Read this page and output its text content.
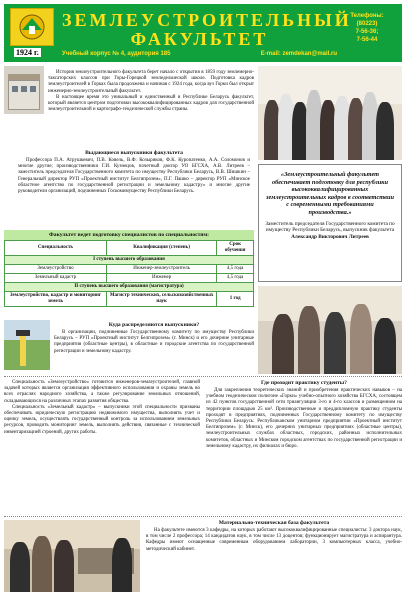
1924 г.
ЗЕМЛЕУСТРОИТЕЛЬНЫЙ
ФАКУЛЬТЕТ
Учебный корпус № 4, аудитория 185	E-mail: zemdekan@mail.ru
Телефоны:
(80223)
7-56-36;
7-56-44

История землеустроительного факультета берет начало с открытия в 1859 году землемерно-таксаторских классов при Горы-Горецкой земледельческой школе. Подготовка кадров землеустроителей в Горках была продолжена и начиная с 1924 года, когда вуз Горки был открыт инженерно-землеустроительный факультет.

В настоящее время это уникальный и единственный в Республике Беларусь факультет, который является центром подготовки высококвалифицированных кадров для государственной землеустроительной и картографо-геодезической службы страны.

Выдающиеся выпускники факультета

Профессора П.А. Атрушкевич, П.В. Ковель, В.Ф. Козыриков, Ф.К. Куропатенко, А.А. Соломонов и многие другие; производственники Г.И. Кузнецов, почетный доктор УО БГСХА, А.В. Литреев – заместитель председателя Государственного комитета по имуществу Республики Беларусь, В.В. Шишкин – Генеральный директор РУП «Проектный институт Белгипрозем», П.Г. Пашко – директор РУП «Минское областное агентство по государственной регистрации и земельному кадастру» и многие другие руководители организаций, подчиненных Госкомимуществу Республики Беларусь.

«Землеустроительный факультет обеспечивает подготовку для республики высококвалифицированных землеустроительных кадров в соответствии с современными требованиями производства.»
Заместитель председателя Государственного комитета по имуществу Республики Беларусь, выпускник факультета
Александр Викторович Литреев
Факультет ведет подготовку специалистов по специальностям:
Специальность	Квалификация (степень)	Срок обучения
I ступень высшего образования		
Землеустройство	Инженер-землеустроитель	4,5 года
Земельный кадастр	Инженер	4,5 года
II ступень высшего образования (магистратура)		
Землеустройство, кадастр и мониторинг земель	Магистр технических, сельскохозяйственных наук	1 год
Куда распределяются выпускники?

В организации, подчиненные Государственному комитету по имуществу Республики Беларусь – РУП «Проектный институт Белгипрозем» (г. Минск) и его дочерние унитарные предприятия (областные центры), в областные и городские агентства по государственной регистрации и земельному кадастру.

Специальность «Землеустройство» готовится инженеров-землеустроителей, главной задачей которых является организация эффективного использования и охраны земель во всех отраслях народного хозяйства, а также регулирование земельных отношений, складывающихся на различных этапах развития общества.

Специальность «Земельный кадастр» – выпускники этой специальности призваны обеспечивать юридическую регистрацию недвижимого имущества, выполнять учет и оценку земель, осуществлять государственный контроль за использованием земельных ресурсов, проводить мониторинг земель, выполнять действия, связанные с технической инвентаризацией строений, других работы.

Где проходит практику студенты?

Для закрепления теоретических знаний и приобретения практических навыков – на учебном геодезическом полигоне «Горки» учебно-опытного хозяйства БГСХА, состоящем из 42 пунктов государственной сети триангуляции 3-го и 4-го классов и размещенном на территории площадью 25 км². Производственные и преддипломную практику студенты проходят в предприятиях, подчиненных Государственному комитету по имуществу Республики Беларусь: Республиканском унитарном предприятии «Проектный институт Белгипрозем» (г. Минск), его дочерних унитарных предприятиях (областные центры), землеустроительных службах областных, городских, районных исполнительных комитетов, областных и Минском городском агентствах по государственной регистрации и земельному кадастру, их филиалах и бюро.

Материально-техническая база факультета

На факультете имеются 3 кафедры, на которых работают высококвалифицированные специалисты: 3 доктора наук, в том числе 2 профессора; 14 кандидатов наук, в том числе 13 доцентов; функционирует магистратура и аспирантура. Кафедры имеют оснащенные современным оборудованием лаборатории, 3 компьютерных класса, учебно-методический кабинет.
